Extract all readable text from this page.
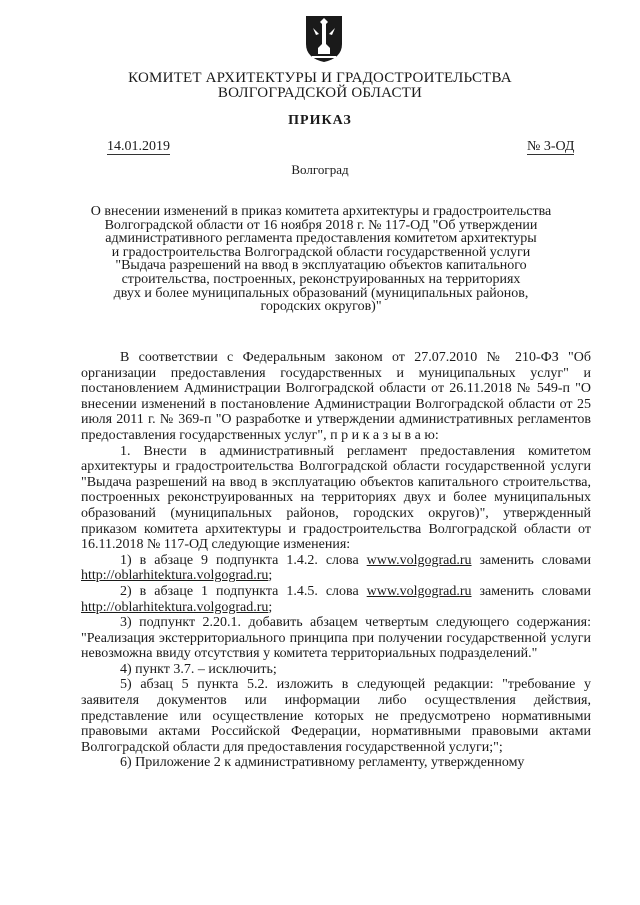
КОМИТЕТ АРХИТЕКТУРЫ И ГРАДОСТРОИТЕЛЬСТВА
ВОЛГОГРАДСКОЙ ОБЛАСТИ
ПРИКАЗ
14.01.2019	№ 3-ОД
Волгоград
О внесении изменений в приказ комитета архитектуры и градостроительства
Волгоградской области от 16 ноября 2018 г. № 117-ОД "Об утверждении
административного регламента предоставления комитетом архитектуры
и градостроительства Волгоградской области государственной услуги
"Выдача разрешений на ввод в эксплуатацию объектов капитального
строительства, построенных, реконструированных на территориях
двух и более муниципальных образований (муниципальных районов,
городских округов)"

В соответствии с Федеральным законом от 27.07.2010 № 210-ФЗ "Об организации предоставления государственных и муниципальных услуг" и постановлением Администрации Волгоградской области от 26.11.2018 № 549-п "О внесении изменений в постановление Администрации Волгоградской области от 25 июля 2011 г. № 369-п "О разработке и утверждении административных регламентов предоставления государственных услуг", п р и к а з ы в а ю:

1. Внести в административный регламент предоставления комитетом архитектуры и градостроительства Волгоградской области государственной услуги "Выдача разрешений на ввод в эксплуатацию объектов капитального строительства, построенных реконструированных на территориях двух и более муниципальных образований (муниципальных районов, городских округов)", утвержденный приказом комитета архитектуры и градостроительства Волгоградской области от 16.11.2018 № 117-ОД следующие изменения:

1) в абзаце 9 подпункта 1.4.2. слова www.volgograd.ru заменить словами http://oblarhitektura.volgograd.ru;

2) в абзаце 1 подпункта 1.4.5. слова www.volgograd.ru заменить словами http://oblarhitektura.volgograd.ru;

3) подпункт 2.20.1. добавить абзацем четвертым следующего содержания: "Реализация экстерриториального принципа при получении государственной услуги невозможна ввиду отсутствия у комитета территориальных подразделений."

4) пункт 3.7. – исключить;

5) абзац 5 пункта 5.2. изложить в следующей редакции: "требование у заявителя документов или информации либо осуществления действия, представление или осуществление которых не предусмотрено нормативными правовыми актами Российской Федерации, нормативными правовыми актами Волгоградской области для предоставления государственной услуги;";

6) Приложение 2 к административному регламенту, утвержденному
